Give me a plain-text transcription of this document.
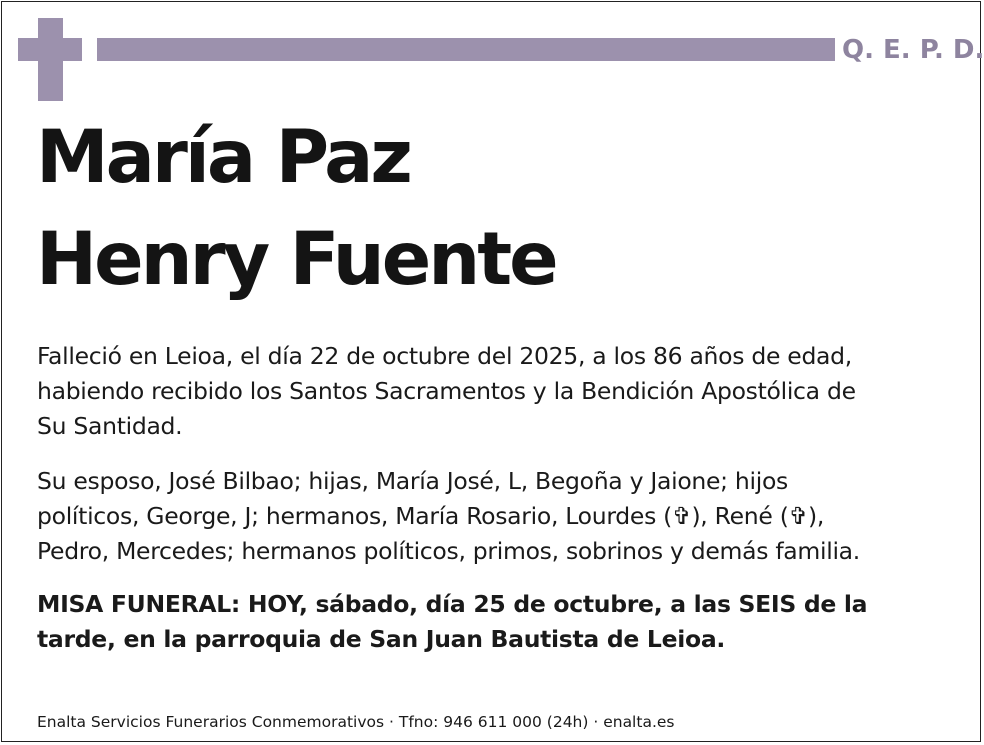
Q. E. P. D.
María Paz
Henry Fuente
Falleció en Leioa, el día 22 de octubre del 2025, a los 86 años de edad,
habiendo recibido los Santos Sacramentos y la Bendición Apostólica de
Su Santidad.
Su esposo, José Bilbao; hijas, María José, L, Begoña y Jaione; hijos
políticos, George, J; hermanos, María Rosario, Lourdes (✞), René (✞),
Pedro, Mercedes; hermanos políticos, primos, sobrinos y demás familia.
MISA FUNERAL: HOY, sábado, día 25 de octubre, a las SEIS de la
tarde, en la parroquia de San Juan Bautista de Leioa.
Enalta Servicios Funerarios Conmemorativos · Tfno: 946 611 000 (24h) · enalta.es
